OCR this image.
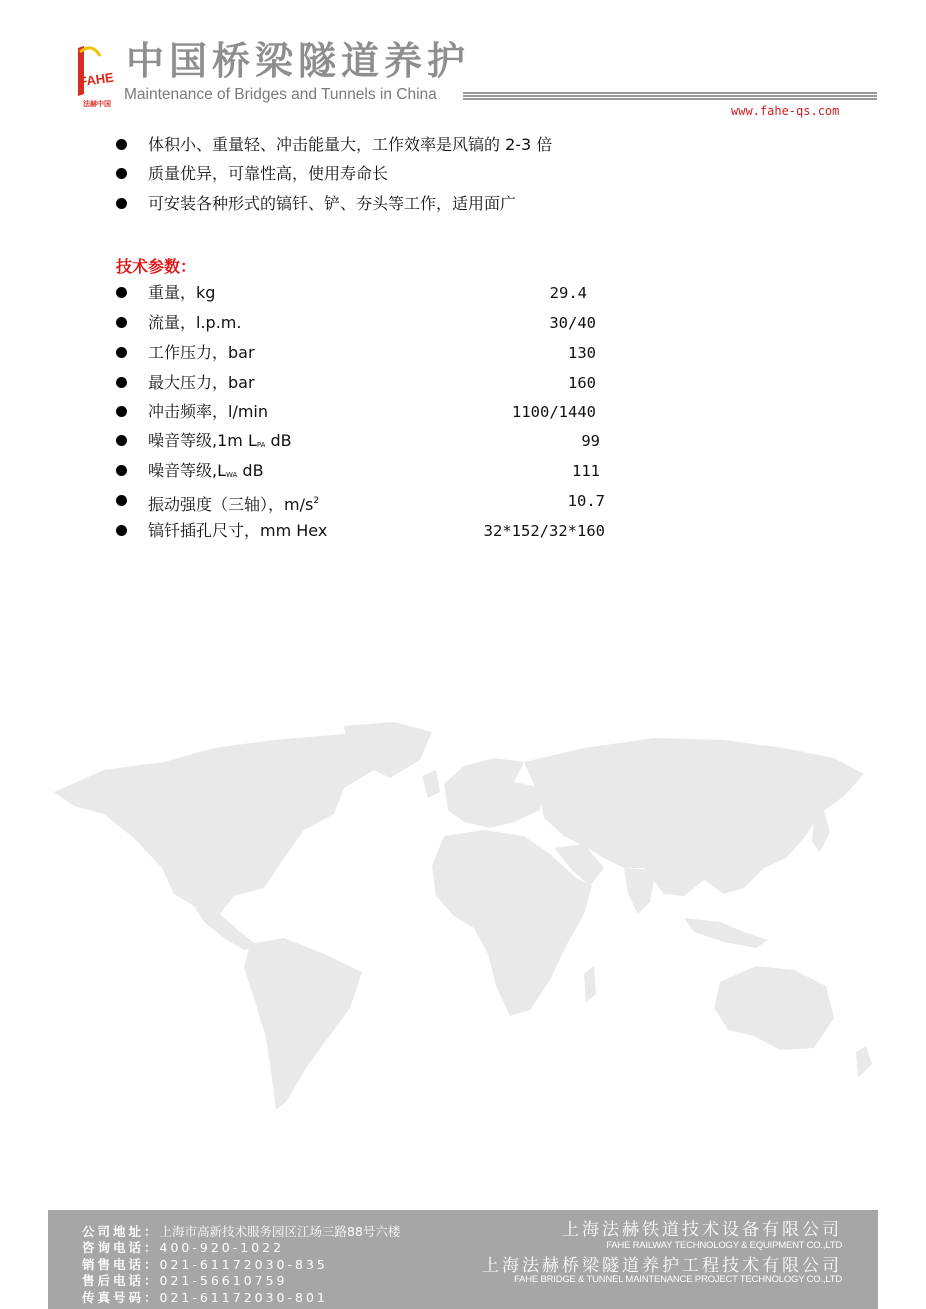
FAHE
法赫中国
中国桥梁隧道养护
Maintenance of Bridges and Tunnels in China
www.fahe-qs.com
体积小、重量轻、冲击能量大，工作效率是风镐的 2-3 倍
质量优异，可靠性高，使用寿命长
可安装各种形式的镐钎、铲、夯头等工作，适用面广
技术参数：
重量，kg	29.4
流量，l.p.m.	30/40
工作压力，bar	130
最大压力，bar	160
冲击频率，l/min	1100/1440
噪音等级,1m LPA dB	99
噪音等级,LWA dB	111
振动强度（三轴），$m/s^2$	10.7
镐钎插孔尺寸，mm Hex	32*152/32*160
公司地址：上海市高新技术服务园区江场三路88号六楼
咨询电话：400-920-1022
销售电话：021-61172030-835
售后电话：021-56610759
传真号码：021-61172030-801
上海法赫铁道技术设备有限公司
FAHE RAILWAY TECHNOLOGY & EQUIPMENT CO.,LTD
上海法赫桥梁隧道养护工程技术有限公司
FAHE BRIDGE & TUNNEL MAINTENANCE PROJECT TECHNOLOGY CO.,LTD
